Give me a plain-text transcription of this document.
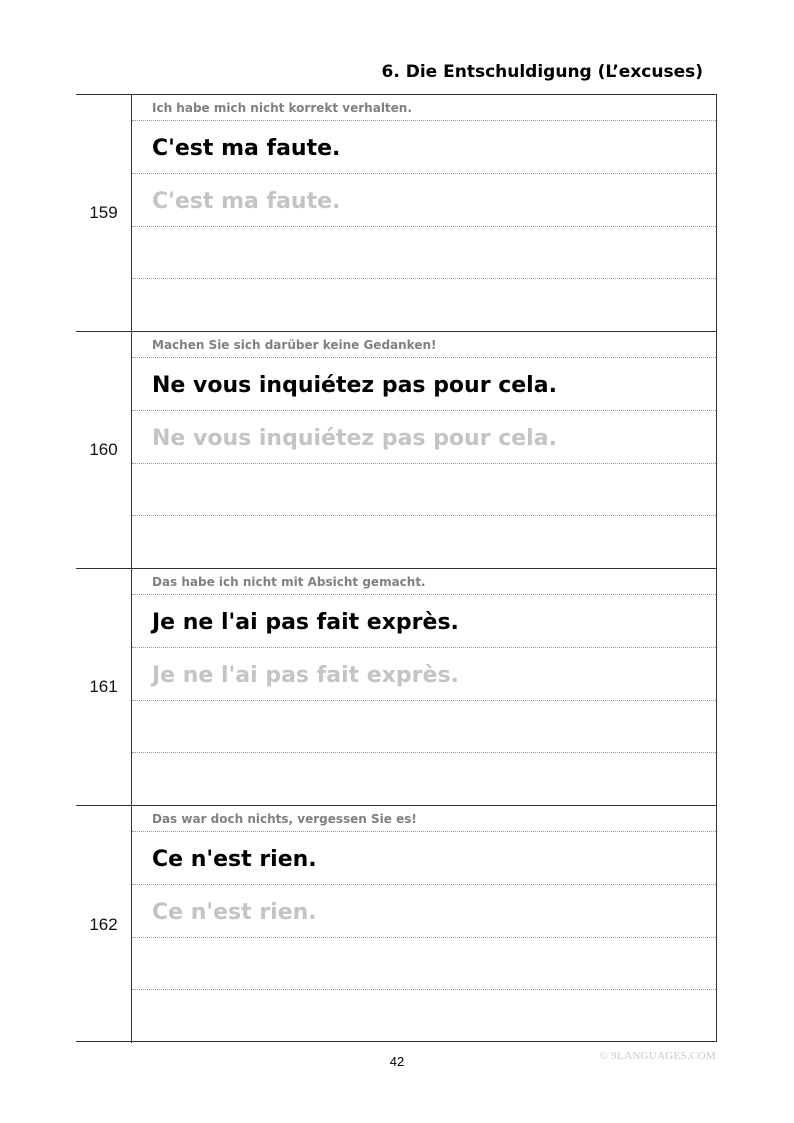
6. Die Entschuldigung (L’excuses)
159
Ich habe mich nicht korrekt verhalten.
C'est ma faute.
C'est ma faute.
160
Machen Sie sich darüber keine Gedanken!
Ne vous inquiétez pas pour cela.
Ne vous inquiétez pas pour cela.
161
Das habe ich nicht mit Absicht gemacht.
Je ne l'ai pas fait exprès.
Je ne l'ai pas fait exprès.
162
Das war doch nichts, vergessen Sie es!
Ce n'est rien.
Ce n'est rien.
42	© 9LANGUAGES.COM
